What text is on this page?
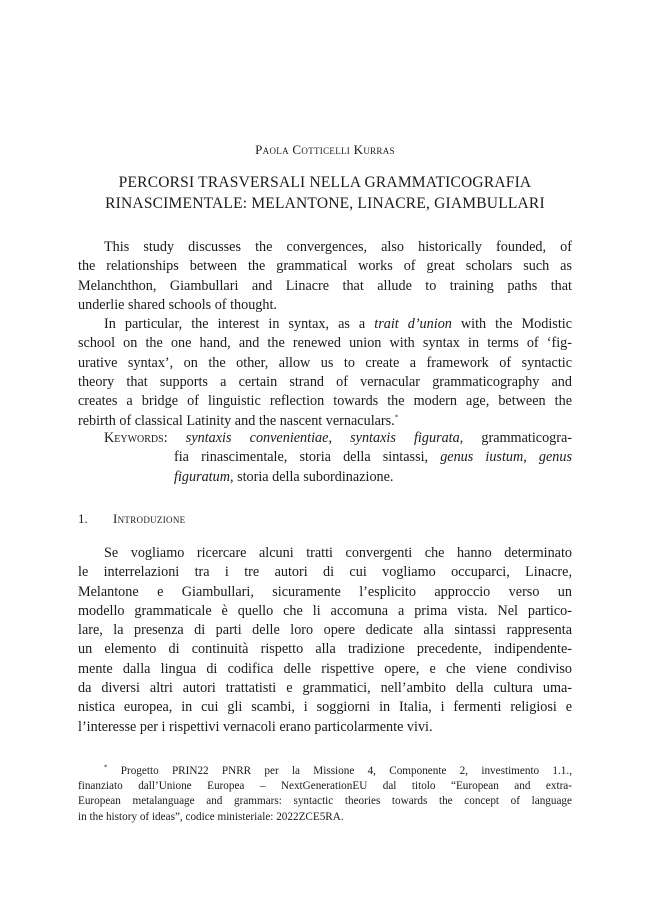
Paola Cotticelli Kurras
PERCORSI TRASVERSALI NELLA GRAMMATICOGRAFIA
RINASCIMENTALE: MELANTONE, LINACRE, GIAMBULLARI

This study discusses the convergences, also historically founded, of
the relationships between the grammatical works of great scholars such as
Melanchthon, Giambullari and Linacre that allude to training paths that
underlie shared schools of thought.

In particular, the interest in syntax, as a trait d’union with the Modistic
school on the one hand, and the renewed union with syntax in terms of ‘fig-
urative syntax’, on the other, allow us to create a framework of syntactic
theory that supports a certain strand of vernacular grammaticography and
creates a bridge of linguistic reflection towards the modern age, between the
rebirth of classical Latinity and the nascent vernaculars.*

Keywords: syntaxis convenientiae, syntaxis figurata, grammaticogra-
fia rinascimentale, storia della sintassi, genus iustum, genus
figuratum, storia della subordinazione.
1. Introduzione
Se vogliamo ricercare alcuni tratti convergenti che hanno determinato
le interrelazioni tra i tre autori di cui vogliamo occuparci, Linacre,
Melantone e Giambullari, sicuramente l’esplicito approccio verso un
modello grammaticale è quello che li accomuna a prima vista. Nel partico-
lare, la presenza di parti delle loro opere dedicate alla sintassi rappresenta
un elemento di continuità rispetto alla tradizione precedente, indipendente-
mente dalla lingua di codifica delle rispettive opere, e che viene condiviso
da diversi altri autori trattatisti e grammatici, nell’ambito della cultura uma-
nistica europea, in cui gli scambi, i soggiorni in Italia, i fermenti religiosi e
l’interesse per i rispettivi vernacoli erano particolarmente vivi.
* Progetto PRIN22 PNRR per la Missione 4, Componente 2, investimento 1.1.,
finanziato dall’Unione Europea – NextGenerationEU dal titolo “European and extra-
European metalanguage and grammars: syntactic theories towards the concept of language
in the history of ideas”, codice ministeriale: 2022ZCE5RA.
